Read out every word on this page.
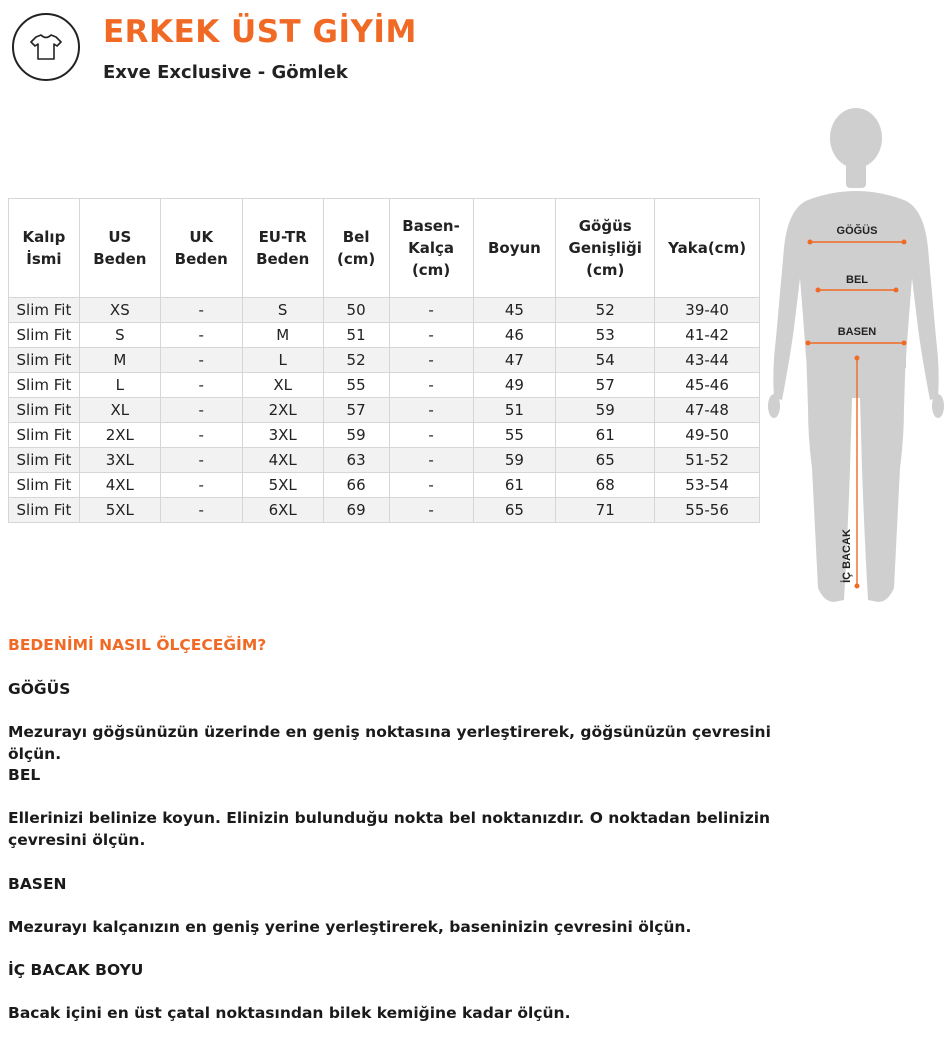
ERKEK ÜST GİYİM
Exve Exclusive - Gömlek
Kalıp İsmi	US Beden	UK Beden	EU-TR Beden	Bel (cm)	Basen-Kalça (cm)	Boyun	Göğüs Genişliği (cm)	Yaka(cm)
Slim Fit	XS	-	S	50	-	45	52	39-40
Slim Fit	S	-	M	51	-	46	53	41-42
Slim Fit	M	-	L	52	-	47	54	43-44
Slim Fit	L	-	XL	55	-	49	57	45-46
Slim Fit	XL	-	2XL	57	-	51	59	47-48
Slim Fit	2XL	-	3XL	59	-	55	61	49-50
Slim Fit	3XL	-	4XL	63	-	59	65	51-52
Slim Fit	4XL	-	5XL	66	-	61	68	53-54
Slim Fit	5XL	-	6XL	69	-	65	71	55-56
GÖĞÜS
BEL
BASEN
İÇ BACAK

BEDENİMİ NASIL ÖLÇECEĞİM?

GÖĞÜS

Mezurayı göğsünüzün üzerinde en geniş noktasına yerleştirerek, göğsünüzün çevresini ölçün.

BEL

Ellerinizi belinize koyun. Elinizin bulunduğu nokta bel noktanızdır. O noktadan belinizin çevresini ölçün.

BASEN

Mezurayı kalçanızın en geniş yerine yerleştirerek, baseninizin çevresini ölçün.

İÇ BACAK BOYU

Bacak içini en üst çatal noktasından bilek kemiğine kadar ölçün.
